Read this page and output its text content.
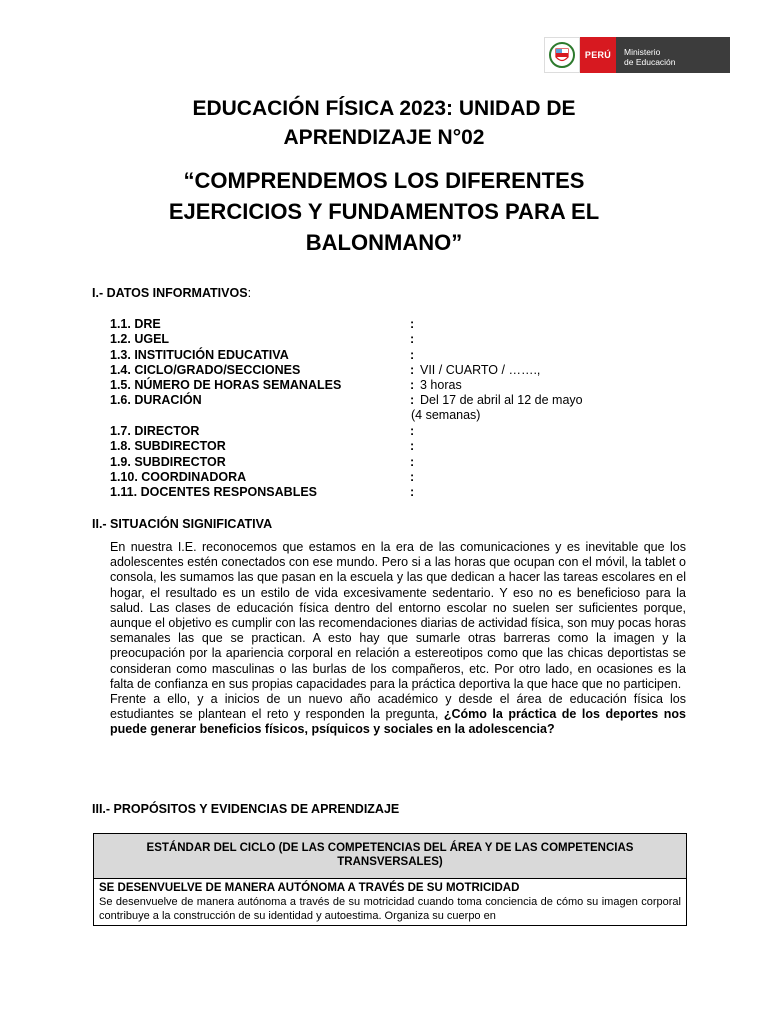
PERÚ	Ministerio
de Educación
EDUCACIÓN FÍSICA 2023: UNIDAD DE
APRENDIZAJE N°02
“COMPRENDEMOS LOS DIFERENTES
EJERCICIOS Y FUNDAMENTOS PARA EL
BALONMANO”
I.- DATOS INFORMATIVOS:
1.1. DRE	:
1.2. UGEL	:
1.3. INSTITUCIÓN EDUCATIVA	:
1.4. CICLO/GRADO/SECCIONES	: VII / CUARTO / …….,
1.5. NÚMERO DE HORAS SEMANALES	: 3 horas
1.6. DURACIÓN	: Del 17 de abril al 12 de mayo
(4 semanas)
1.7. DIRECTOR	:
1.8. SUBDIRECTOR	:
1.9. SUBDIRECTOR	:
1.10. COORDINADORA	:
1.11. DOCENTES RESPONSABLES	:
II.- SITUACIÓN SIGNIFICATIVA

En nuestra I.E. reconocemos que estamos en la era de las comunicaciones y es inevitable que los adolescentes estén conectados con ese mundo. Pero si a las horas que ocupan con el móvil, la tablet o consola, les sumamos las que pasan en la escuela y las que dedican a hacer las tareas escolares en el hogar, el resultado es un estilo de vida excesivamente sedentario. Y eso no es beneficioso para la salud. Las clases de educación física dentro del entorno escolar no suelen ser suficientes porque, aunque el objetivo es cumplir con las recomendaciones diarias de actividad física, son muy pocas horas semanales las que se practican. A esto hay que sumarle otras barreras como la imagen y la preocupación por la apariencia corporal en relación a estereotipos como que las chicas deportistas se consideran como masculinas o las burlas de los compañeros, etc. Por otro lado, en ocasiones es la falta de confianza en sus propias capacidades para la práctica deportiva la que hace que no participen.

Frente a ello, y a inicios de un nuevo año académico y desde el área de educación física los estudiantes se plantean el reto y responden la pregunta, ¿Cómo la práctica de los deportes nos puede generar beneficios físicos, psíquicos y sociales en la adolescencia?

III.- PROPÓSITOS Y EVIDENCIAS DE APRENDIZAJE
ESTÁNDAR DEL CICLO (DE LAS COMPETENCIAS DEL ÁREA Y DE LAS COMPETENCIAS TRANSVERSALES)
SE DESENVUELVE DE MANERA AUTÓNOMA A TRAVÉS DE SU MOTRICIDAD
Se desenvuelve de manera autónoma a través de su motricidad cuando toma conciencia de cómo su imagen corporal contribuye a la construcción de su identidad y autoestima. Organiza su cuerpo en
